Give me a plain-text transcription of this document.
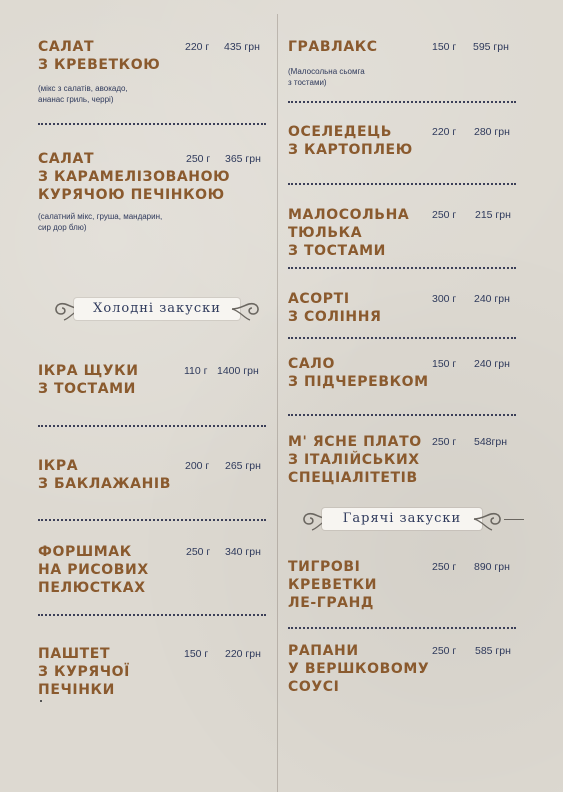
САЛАТ
З КРЕВЕТКОЮ
220 г 435 грн
(мікс з салатів, авокадо,
ананас гриль, черрі)
САЛАТ
З КАРАМЕЛІЗОВАНОЮ
КУРЯЧОЮ ПЕЧІНКОЮ
250 г 365 грн
(салатний мікс, груша, мандарин,
сир дор блю)
Холодні закуски
ІКРА ЩУКИ
З ТОСТАМИ
110 г 1400 грн
ІКРА
З БАКЛАЖАНІВ
200 г 265 грн
ФОРШМАК
НА РИСОВИХ
ПЕЛЮСТКАХ
250 г 340 грн
ПАШТЕТ
З КУРЯЧОЇ
ПЕЧІНКИ
150 г 220 грн
ГРАВЛАКС	150 г 595 грн
(Малосольна сьомга
з тостами)
ОСЕЛЕДЕЦЬ
З КАРТОПЛЕЮ
220 г 280 грн
МАЛОСОЛЬНА
ТЮЛЬКА
З ТОСТАМИ
250 г 215 грн
АСОРТІ
З СОЛІННЯ
300 г 240 грн
САЛО
З ПІДЧЕРЕВКОМ
150 г 240 грн
М' ЯСНЕ ПЛАТО
З ІТАЛІЙСЬКИХ
СПЕЦІАЛІТЕТІВ
250 г 548грн
Гарячі закуски
ТИГРОВІ
КРЕВЕТКИ
ЛЕ-ГРАНД
250 г 890 грн
РАПАНИ
У ВЕРШКОВОМУ
СОУСІ
250 г 585 грн
